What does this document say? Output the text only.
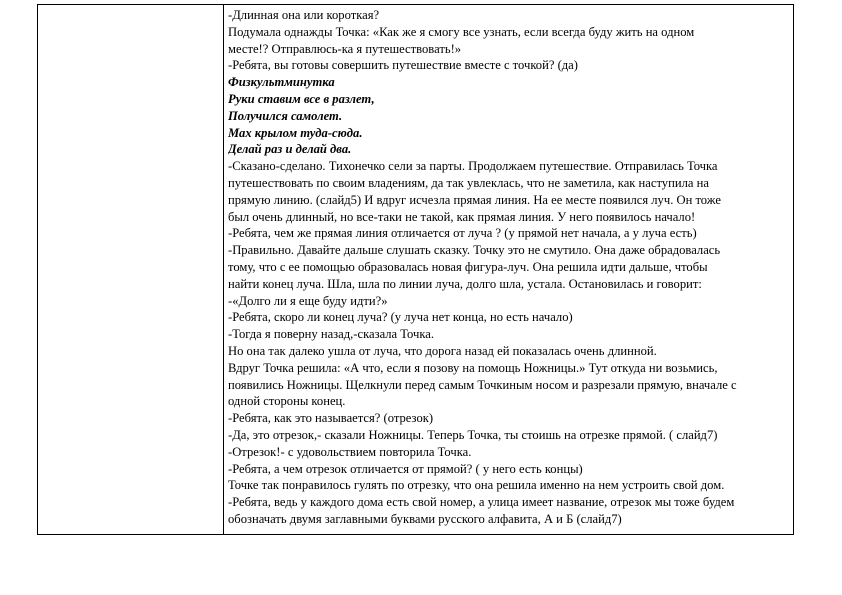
-Длинная она или короткая?
Подумала однажды Точка: «Как же я смогу все узнать, если всегда буду жить на одном
месте!? Отправлюсь-ка я путешествовать!»
-Ребята, вы готовы совершить путешествие вместе с точкой? (да)
Физкультминутка
Руки ставим все в разлет,
Получился самолет.
Мах крылом туда-сюда.
Делай раз и делай два.
-Сказано-сделано. Тихонечко сели за парты. Продолжаем путешествие. Отправилась Точка
путешествовать по своим владениям, да так увлеклась, что не заметила, как наступила на
прямую линию. (слайд5) И вдруг исчезла прямая линия. На ее месте появился луч. Он тоже
был очень длинный, но все-таки не такой, как прямая линия. У него появилось начало!
-Ребята, чем же прямая линия отличается от луча ? (у прямой нет начала, а у луча есть)
-Правильно. Давайте дальше слушать сказку. Точку это не смутило. Она даже обрадовалась
тому, что с ее помощью образовалась новая фигура-луч. Она решила идти дальше, чтобы
найти конец луча. Шла, шла по линии луча, долго шла, устала. Остановилась и говорит:
-«Долго ли я еще буду идти?»
-Ребята, скоро ли конец луча? (у луча нет конца, но есть начало)
-Тогда я поверну назад,-сказала Точка.
Но она так далеко ушла от луча, что дорога назад ей показалась очень длинной.
Вдруг Точка решила: «А что, если я позову на помощь Ножницы.» Тут откуда ни возьмись,
появились Ножницы. Щелкнули перед самым Точкиным носом и разрезали прямую, вначале с
одной стороны конец.
-Ребята, как это называется? (отрезок)
-Да, это отрезок,- сказали Ножницы. Теперь Точка, ты стоишь на отрезке прямой. ( слайд7)
-Отрезок!- с удовольствием повторила Точка.
-Ребята, а чем отрезок отличается от прямой? ( у него есть концы)
Точке так понравилось гулять по отрезку, что она решила именно на нем устроить свой дом.
-Ребята, ведь у каждого дома есть свой номер, а улица имеет название, отрезок мы тоже будем
обозначать двумя заглавными буквами русского алфавита, А и Б (слайд7)
